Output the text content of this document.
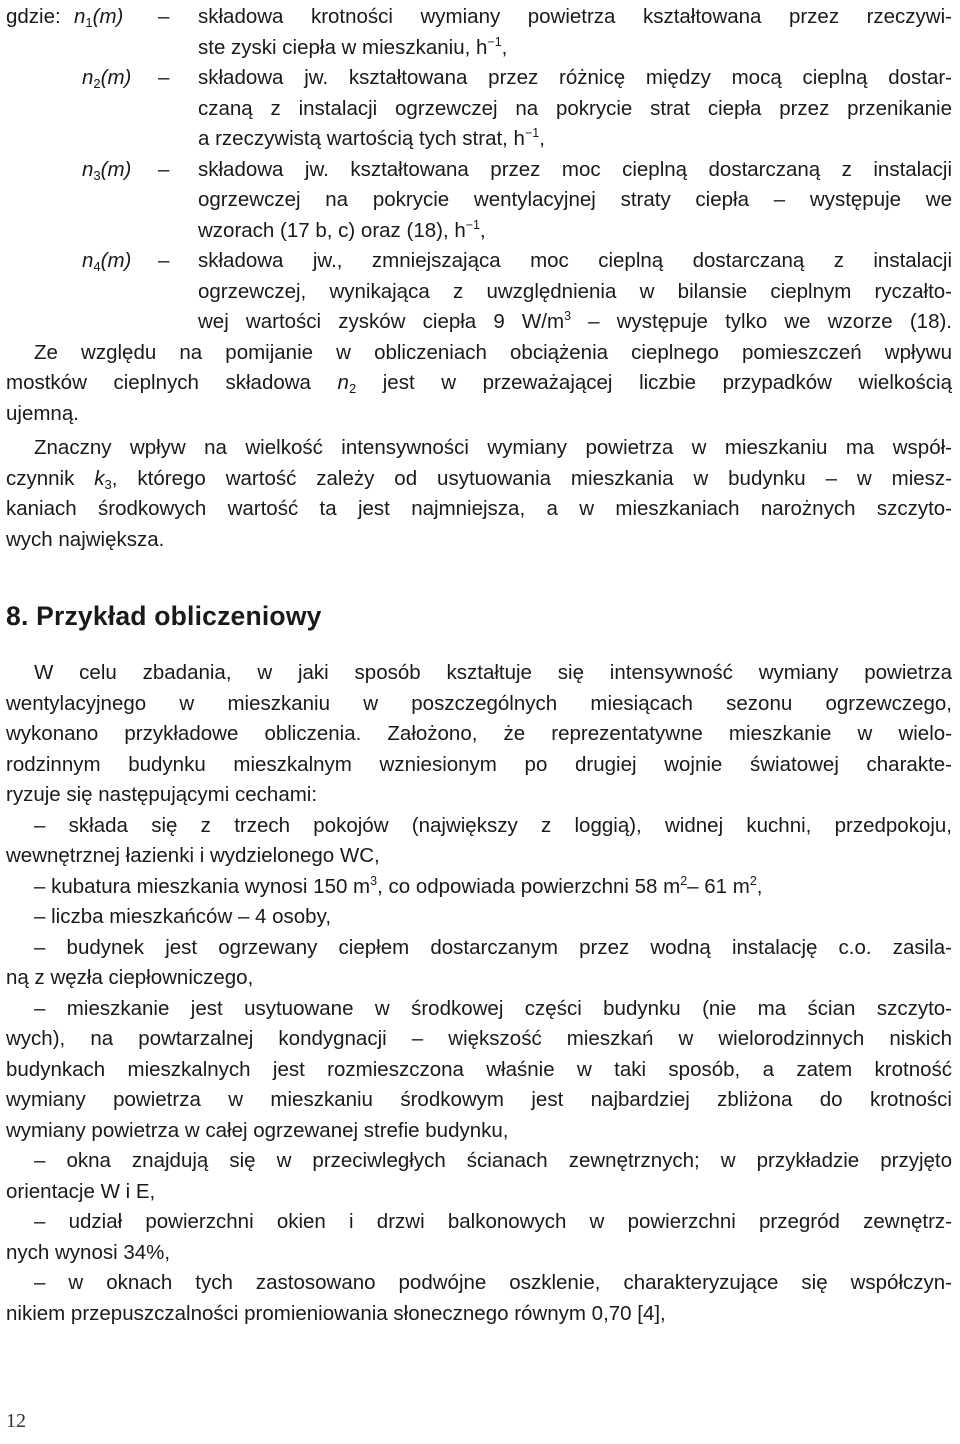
gdzie: $n_1(m)$	–	składowa krotności wymiany powietrza kształtowana przez rzeczywi-
ste zyski ciepła w mieszkaniu, $h^{-1}$,
$n_2(m)$	–	składowa jw. kształtowana przez różnicę między mocą cieplną dostar-
czaną z instalacji ogrzewczej na pokrycie strat ciepła przez przenikanie
a rzeczywistą wartością tych strat, $h^{-1}$,
$n_3(m)$	–	składowa jw. kształtowana przez moc cieplną dostarczaną z instalacji
ogrzewczej na pokrycie wentylacyjnej straty ciepła – występuje we
wzorach (17 b, c) oraz (18), $h^{-1}$,
$n_4(m)$	–	składowa jw., zmniejszająca moc cieplną dostarczaną z instalacji
ogrzewczej, wynikająca z uwzględnienia w bilansie cieplnym ryczałto-
wej wartości zysków ciepła 9 $W/m^3$ – występuje tylko we wzorze (18).
Ze względu na pomijanie w obliczeniach obciążenia cieplnego pomieszczeń wpływu
mostków cieplnych składowa $n_2$ jest w przeważającej liczbie przypadków wielkością
ujemną.
Znaczny wpływ na wielkość intensywności wymiany powietrza w mieszkaniu ma współ-
czynnik $k_3$, którego wartość zależy od usytuowania mieszkania w budynku – w miesz-
kaniach środkowych wartość ta jest najmniejsza, a w mieszkaniach narożnych szczyto-
wych największa.
8. Przykład obliczeniowy
W celu zbadania, w jaki sposób kształtuje się intensywność wymiany powietrza
wentylacyjnego w mieszkaniu w poszczególnych miesiącach sezonu ogrzewczego,
wykonano przykładowe obliczenia. Założono, że reprezentatywne mieszkanie w wielo-
rodzinnym budynku mieszkalnym wzniesionym po drugiej wojnie światowej charakte-
ryzuje się następującymi cechami:
– składa się z trzech pokojów (największy z loggią), widnej kuchni, przedpokoju,
wewnętrznej łazienki i wydzielonego WC,
– kubatura mieszkania wynosi 150 $m^3$, co odpowiada powierzchni 58 $m^2-$ 61 $m^2$,
– liczba mieszkańców – 4 osoby,
– budynek jest ogrzewany ciepłem dostarczanym przez wodną instalację c.o. zasila-
ną z węzła ciepłowniczego,
– mieszkanie jest usytuowane w środkowej części budynku (nie ma ścian szczyto-
wych), na powtarzalnej kondygnacji – większość mieszkań w wielorodzinnych niskich
budynkach mieszkalnych jest rozmieszczona właśnie w taki sposób, a zatem krotność
wymiany powietrza w mieszkaniu środkowym jest najbardziej zbliżona do krotności
wymiany powietrza w całej ogrzewanej strefie budynku,
– okna znajdują się w przeciwległych ścianach zewnętrznych; w przykładzie przyjęto
orientacje W i E,
– udział powierzchni okien i drzwi balkonowych w powierzchni przegród zewnętrz-
nych wynosi 34%,
– w oknach tych zastosowano podwójne oszklenie, charakteryzujące się współczyn-
nikiem przepuszczalności promieniowania słonecznego równym 0,70 [4],
12
